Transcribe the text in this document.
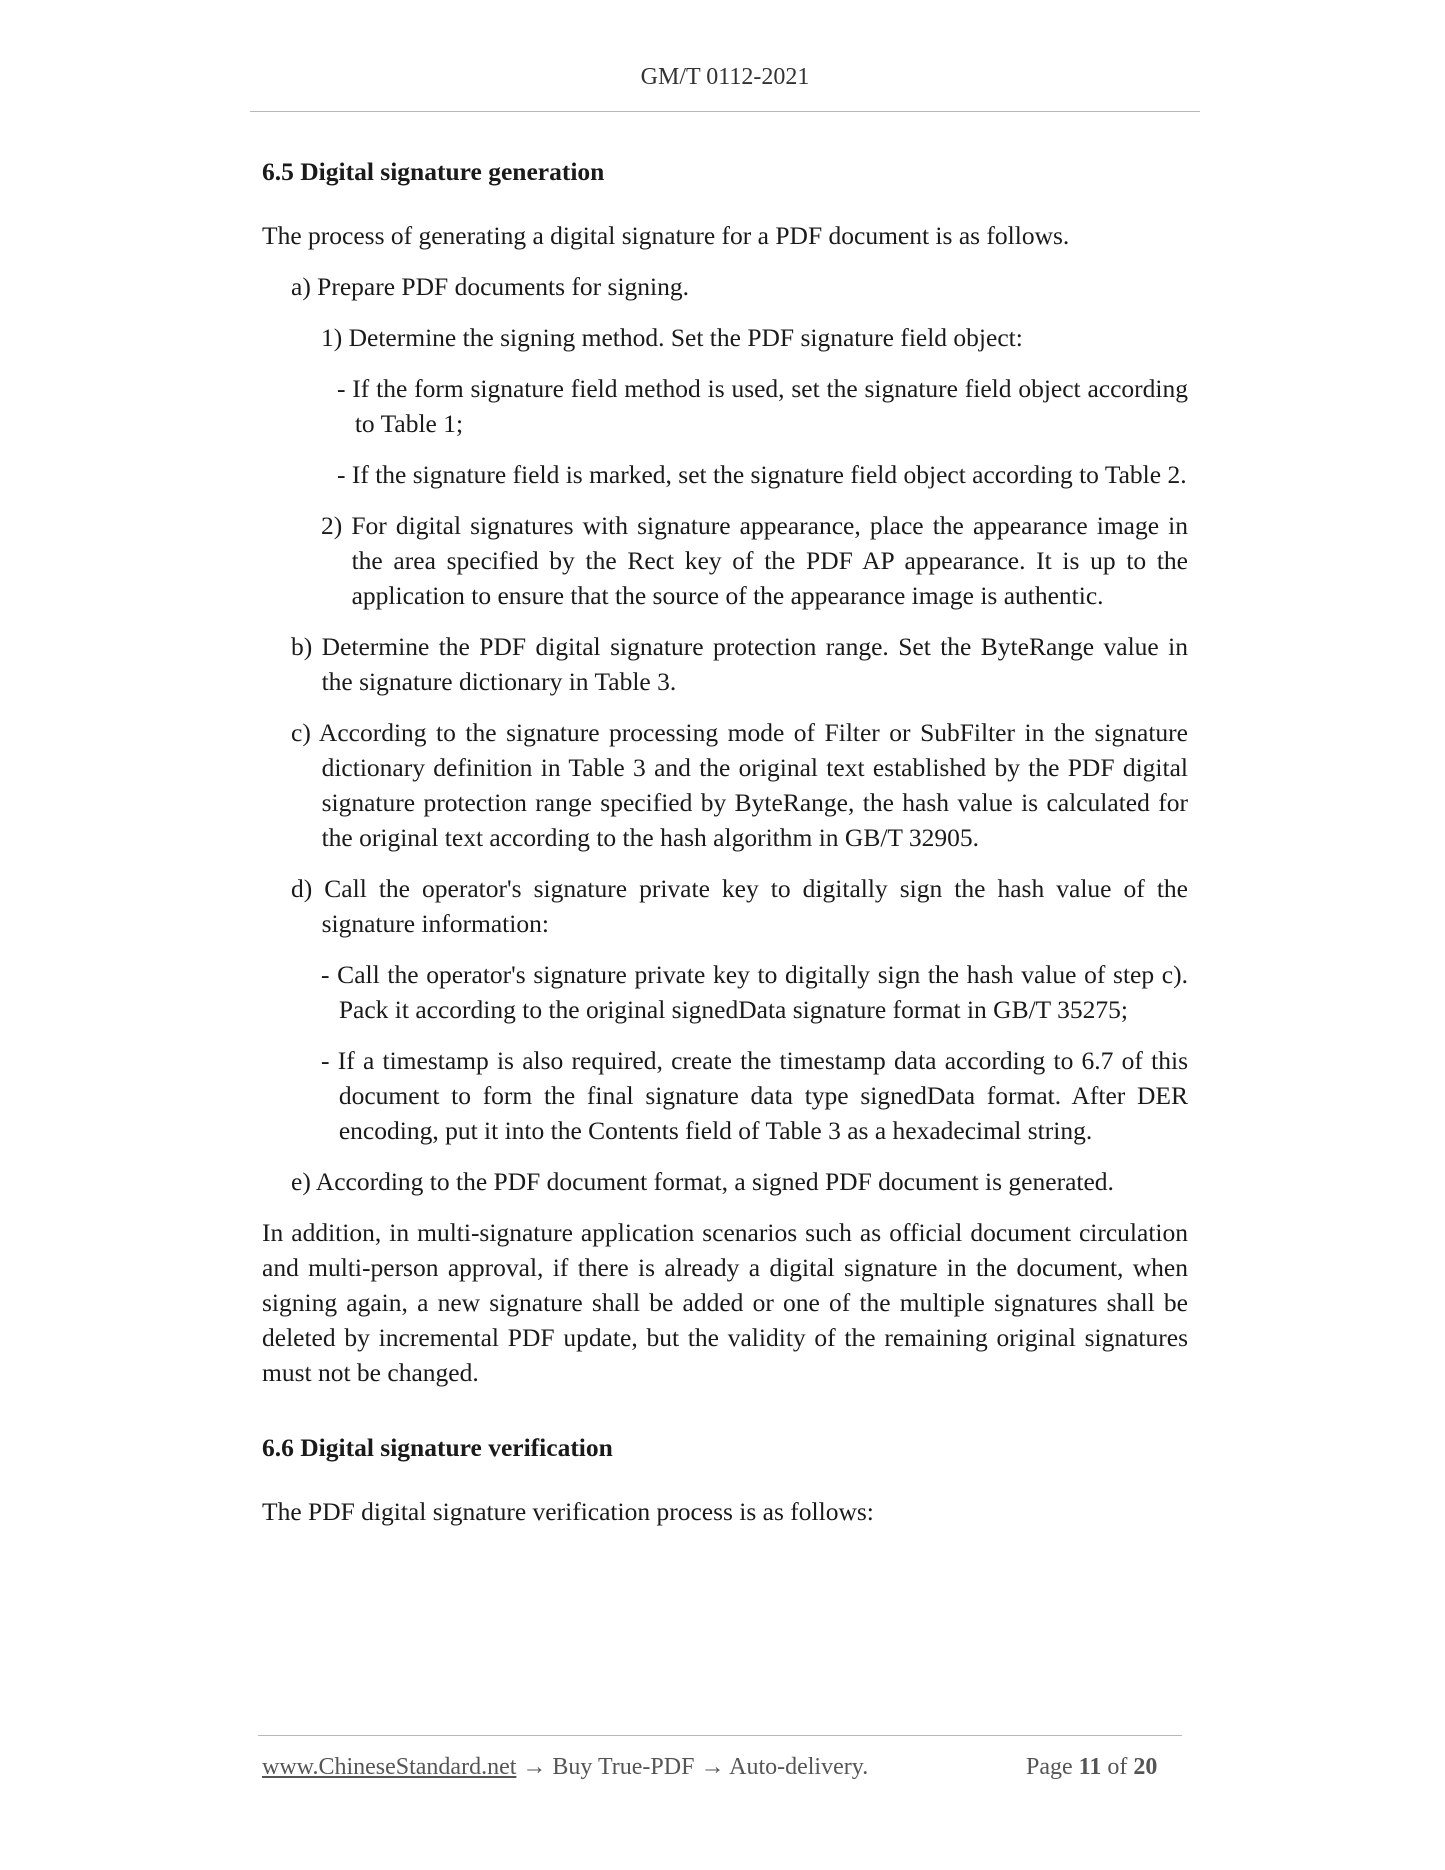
GM/T 0112-2021

6.5 Digital signature generation

The process of generating a digital signature for a PDF document is as follows.

a) Prepare PDF documents for signing.

1) Determine the signing method. Set the PDF signature field object:

- If the form signature field method is used, set the signature field object according to Table 1;

- If the signature field is marked, set the signature field object according to Table 2.

2) For digital signatures with signature appearance, place the appearance image in the area specified by the Rect key of the PDF AP appearance. It is up to the application to ensure that the source of the appearance image is authentic.

b) Determine the PDF digital signature protection range. Set the ByteRange value in the signature dictionary in Table 3.

c) According to the signature processing mode of Filter or SubFilter in the signature dictionary definition in Table 3 and the original text established by the PDF digital signature protection range specified by ByteRange, the hash value is calculated for the original text according to the hash algorithm in GB/T 32905.

d) Call the operator's signature private key to digitally sign the hash value of the signature information:

- Call the operator's signature private key to digitally sign the hash value of step c). Pack it according to the original signedData signature format in GB/T 35275;

- If a timestamp is also required, create the timestamp data according to 6.7 of this document to form the final signature data type signedData format. After DER encoding, put it into the Contents field of Table 3 as a hexadecimal string.

e) According to the PDF document format, a signed PDF document is generated.

In addition, in multi-signature application scenarios such as official document circulation and multi-person approval, if there is already a digital signature in the document, when signing again, a new signature shall be added or one of the multiple signatures shall be deleted by incremental PDF update, but the validity of the remaining original signatures must not be changed.

6.6 Digital signature verification

The PDF digital signature verification process is as follows:

www.ChineseStandard.net → Buy True-PDF → Auto-delivery.	Page 11 of 20
